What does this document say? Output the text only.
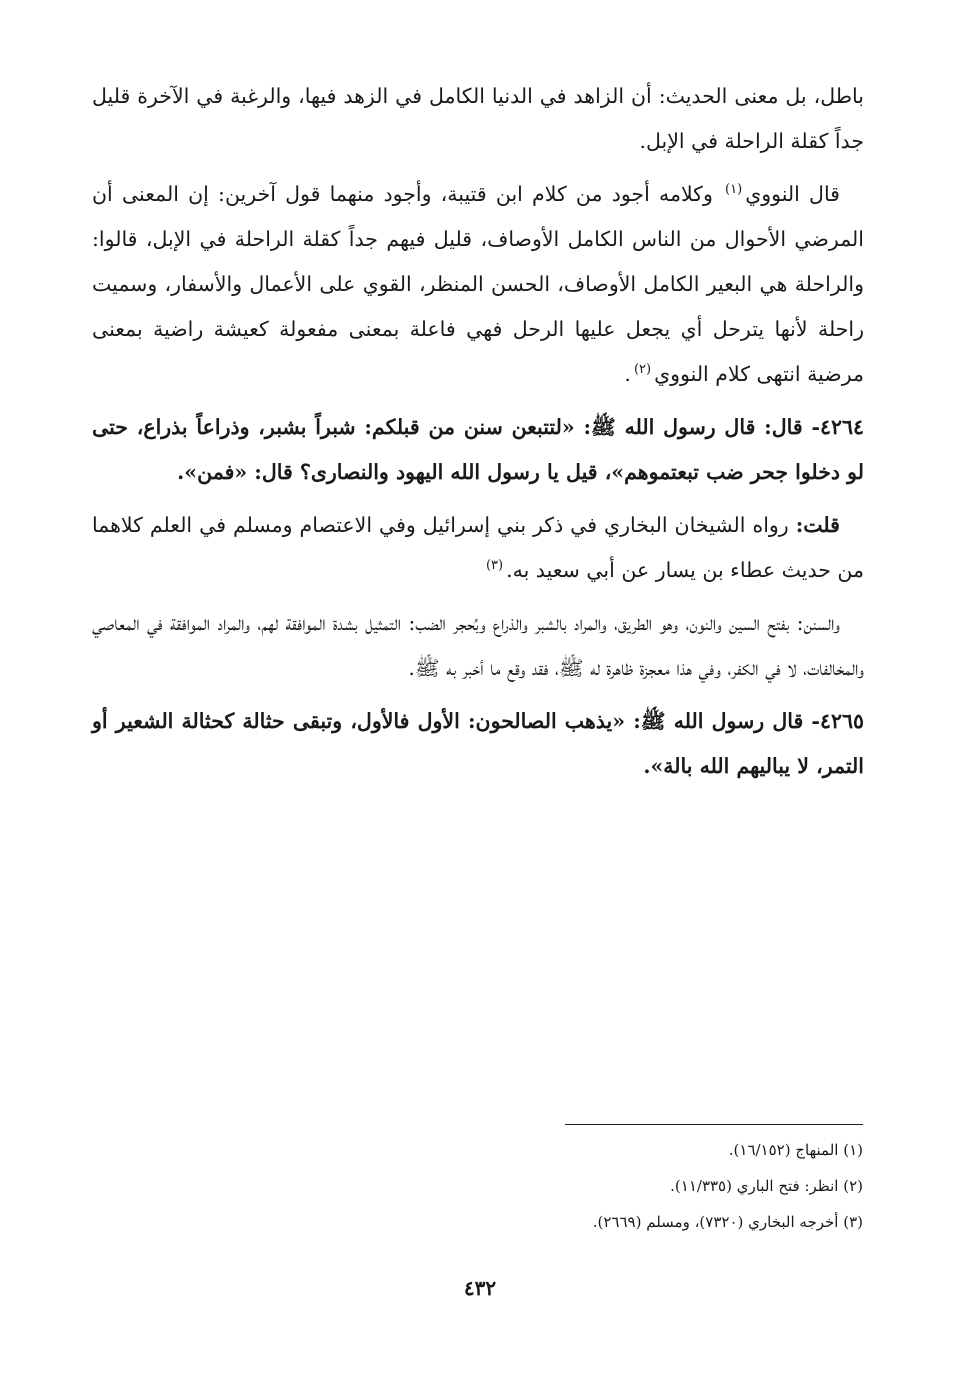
باطل، بل معنى الحديث: أن الزاهد في الدنيا الكامل في الزهد فيها، والرغبة في الآخرة قليل جداً كقلة الراحلة في الإبل.

قال النووي$^{(١)}$ وكلامه أجود من كلام ابن قتيبة، وأجود منهما قول آخرين: إن المعنى أن المرضي الأحوال من الناس الكامل الأوصاف، قليل فيهم جداً كقلة الراحلة في الإبل، قالوا: والراحلة هي البعير الكامل الأوصاف، الحسن المنظر، القوي على الأعمال والأسفار، وسميت راحلة لأنها يترحل أي يجعل عليها الرحل فهي فاعلة بمعنى مفعولة كعيشة راضية بمعنى مرضية انتهى كلام النووي$^{(٢)}$.

٤٢٦٤- قال: قال رسول الله ﷺ: «لتتبعن سنن من قبلكم: شبراً بشبر، وذراعاً بذراع، حتى لو دخلوا جحر ضب تبعتموهم»، قيل يا رسول الله اليهود والنصارى؟ قال: «فمن».

قلت: رواه الشيخان البخاري في ذكر بني إسرائيل وفي الاعتصام ومسلم في العلم كلاهما من حديث عطاء بن يسار عن أبي سعيد به.$^{(٣)}$

والسنن: بفتح السين والنون، وهو الطريق، والمراد بالشبر والذراع وبُحجر الضب: التمثيل بشدة الموافقة لهم، والمراد الموافقة في المعاصي والمخالفات، لا في الكفر، وفي هذا معجزة ظاهرة له ﷺ، فقد وقع ما أخبر به ﷺ.

٤٢٦٥- قال رسول الله ﷺ: «يذهب الصالحون: الأول فالأول، وتبقى حثالة كحثالة الشعير أو التمر، لا يباليهم الله بالة».

(١) المنهاج (١٦/١٥٢).
(٢) انظر: فتح الباري (١١/٣٣٥).
(٣) أخرجه البخاري (٧٣٢٠)، ومسلم (٢٦٦٩).
٤٣٢
